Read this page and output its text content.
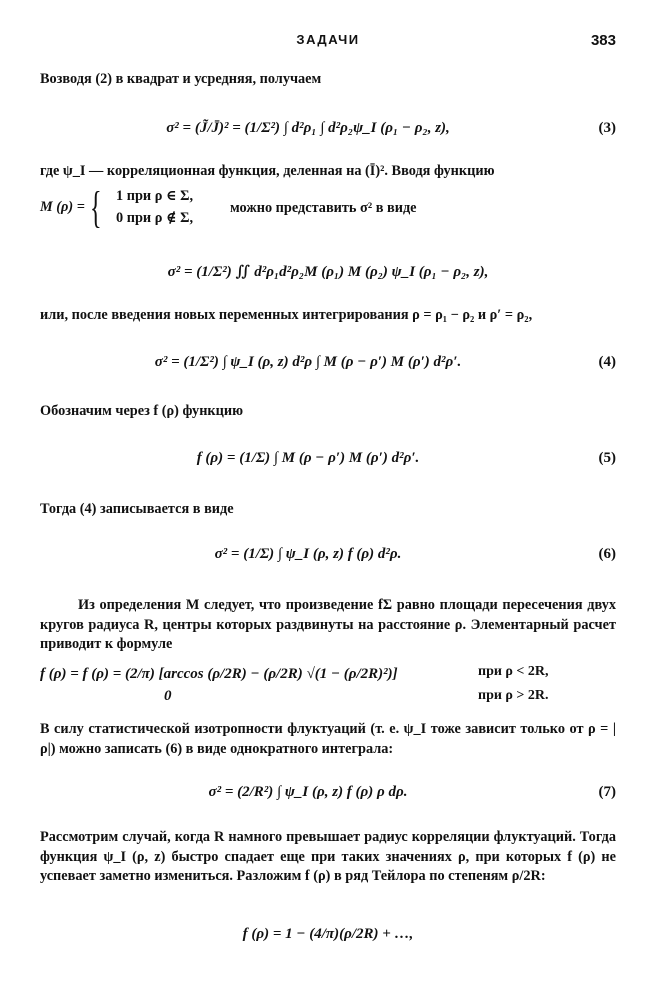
ЗАДАЧИ	383
Возводя (2) в квадрат и усредняя, получаем
σ² = (J̃/J̄)² = (1/Σ²) ∫ d²ρ₁ ∫ d²ρ₂ψ_I (ρ₁ − ρ₂, z),	(3)
где ψ_I — корреляционная функция, деленная на (Ī)². Вводя функцию
M (ρ) = { 1 при ρ ∈ Σ,
0 при ρ ∉ Σ,
можно представить σ² в виде
σ² = (1/Σ²) ∬ d²ρ₁d²ρ₂M (ρ₁) M (ρ₂) ψ_I (ρ₁ − ρ₂, z),
или, после введения новых переменных интегрирования ρ = ρ₁ − ρ₂ и ρ′ = ρ₂,
σ² = (1/Σ²) ∫ ψ_I (ρ, z) d²ρ ∫ M (ρ − ρ′) M (ρ′) d²ρ′.	(4)
Обозначим через f (ρ) функцию
f (ρ) = (1/Σ) ∫ M (ρ − ρ′) M (ρ′) d²ρ′.	(5)
Тогда (4) записывается в виде
σ² = (1/Σ) ∫ ψ_I (ρ, z) f (ρ) d²ρ.	(6)
Из определения M следует, что произведение fΣ равно площади пересечения двух кругов радиуса R, центры которых раздвинуты на расстояние ρ. Элементарный расчет приводит к формуле
f (ρ) = f (ρ) = (2/π) [arccos (ρ/2R) − (ρ/2R) √(1 − (ρ/2R)²)]
0
при ρ < 2R,
при ρ > 2R.
В силу статистической изотропности флуктуаций (т. е. ψ_I тоже зависит только от ρ = |ρ|) можно записать (6) в виде однократного интеграла:
σ² = (2/R²) ∫ ψ_I (ρ, z) f (ρ) ρ dρ.	(7)
Рассмотрим случай, когда R намного превышает радиус корреляции флуктуаций. Тогда функция ψ_I (ρ, z) быстро спадает еще при таких значениях ρ, при которых f (ρ) не успевает заметно измениться. Разложим f (ρ) в ряд Тейлора по степеням ρ/2R:
f (ρ) = 1 − (4/π)(ρ/2R) + …,
